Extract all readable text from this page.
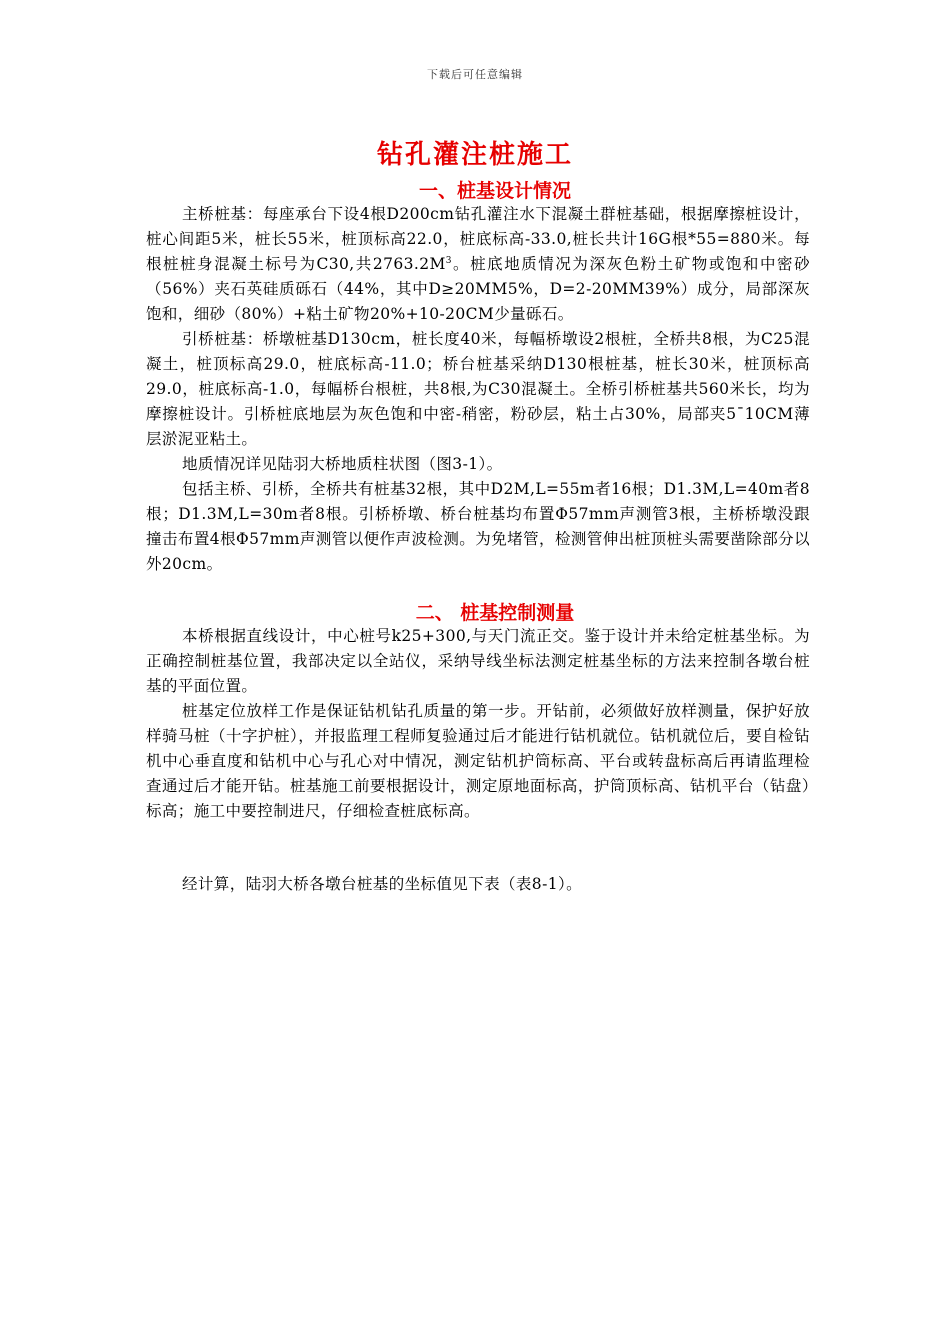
下载后可任意编辑
钻孔灌注桩施工
一、桩基设计情况

主桥桩基：每座承台下设4根D200cm钻孔灌注水下混凝土群桩基础，根据摩擦桩设计，桩心间距5米，桩长55米，桩顶标高22.0，桩底标高-33.0,桩长共计16G根*55=880米。每根桩桩身混凝土标号为C30,共$2763.2M^3$。桩底地质情况为深灰色粉土矿物或饱和中密砂（56%）夹石英硅质砾石（44%，其中D≥20MM5%，D=2-20MM39%）成分，局部深灰饱和，细砂（80%）+粘土矿物20%+10-20CM少量砾石。

引桥桩基：桥墩桩基D130cm，桩长度40米，每幅桥墩设2根桩，全桥共8根，为C25混凝土，桩顶标高29.0，桩底标高-11.0；桥台桩基采纳D130根桩基，桩长30米，桩顶标高29.0，桩底标高-1.0，每幅桥台根桩，共8根,为C30混凝土。全桥引桥桩基共560米长，均为摩擦桩设计。引桥桩底地层为灰色饱和中密-稍密，粉砂层，粘土占30%，局部夹5¯10CM薄层淤泥亚粘土。

地质情况详见陆羽大桥地质柱状图（图3-1）。

包括主桥、引桥，全桥共有桩基32根，其中D2M,L=55m者16根；D1.3M,L=40m者8根；D1.3M,L=30m者8根。引桥桥墩、桥台桩基均布置Φ57mm声测管3根，主桥桥墩没跟撞击布置4根Φ57mm声测管以便作声波检测。为免堵管，检测管伸出桩顶桩头需要凿除部分以外20cm。

二、 桩基控制测量

本桥根据直线设计，中心桩号k25+300,与天门流正交。鉴于设计并未给定桩基坐标。为正确控制桩基位置，我部决定以全站仪，采纳导线坐标法测定桩基坐标的方法来控制各墩台桩基的平面位置。

桩基定位放样工作是保证钻机钻孔质量的第一步。开钻前，必须做好放样测量，保护好放样骑马桩（十字护桩），并报监理工程师复验通过后才能进行钻机就位。钻机就位后，要自检钻机中心垂直度和钻机中心与孔心对中情况，测定钻机护筒标高、平台或转盘标高后再请监理检查通过后才能开钻。桩基施工前要根据设计，测定原地面标高，护筒顶标高、钻机平台（钻盘）标高；施工中要控制进尺，仔细检查桩底标高。

经计算，陆羽大桥各墩台桩基的坐标值见下表（表8-1）。
